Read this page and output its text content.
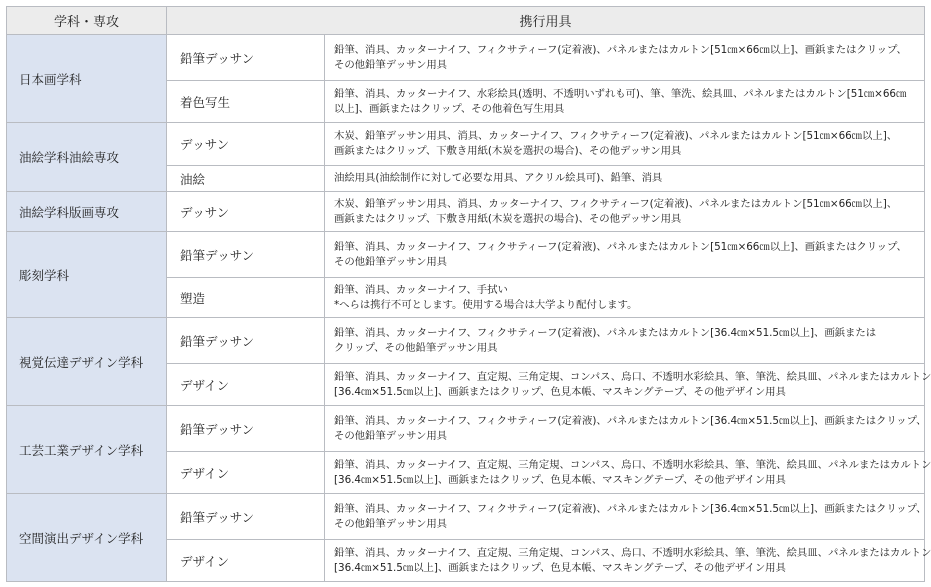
学科・専攻	携行用具	
日本画学科	鉛筆デッサン	鉛筆、消具、カッターナイフ、フィクサティーフ(定着液)、パネルまたはカルトン[51㎝×66㎝以上]、画鋲またはクリップ、
その他鉛筆デッサン用具

	着色写生	鉛筆、消具、カッターナイフ、水彩絵具(透明、不透明いずれも可)、筆、筆洗、絵具皿、パネルまたはカルトン[51㎝×66㎝
以上]、画鋲またはクリップ、その他着色写生用具

油絵学科油絵専攻	デッサン	木炭、鉛筆デッサン用具、消具、カッターナイフ、フィクサティーフ(定着液)、パネルまたはカルトン[51㎝×66㎝以上]、
画鋲またはクリップ、下敷き用紙(木炭を選択の場合)、その他デッサン用具

	油絵	油絵用具(油絵制作に対して必要な用具、アクリル絵具可)、鉛筆、消具

油絵学科版画専攻	デッサン	木炭、鉛筆デッサン用具、消具、カッターナイフ、フィクサティーフ(定着液)、パネルまたはカルトン[51㎝×66㎝以上]、
画鋲またはクリップ、下敷き用紙(木炭を選択の場合)、その他デッサン用具

彫刻学科	鉛筆デッサン	鉛筆、消具、カッターナイフ、フィクサティーフ(定着液)、パネルまたはカルトン[51㎝×66㎝以上]、画鋲またはクリップ、
その他鉛筆デッサン用具

	塑造	鉛筆、消具、カッターナイフ、手拭い
*へらは携行不可とします。使用する場合は大学より配付します。

視覚伝達デザイン学科	鉛筆デッサン	鉛筆、消具、カッターナイフ、フィクサティーフ(定着液)、パネルまたはカルトン[36.4㎝×51.5㎝以上]、画鋲または
クリップ、その他鉛筆デッサン用具

	デザイン	鉛筆、消具、カッターナイフ、直定規、三角定規、コンパス、烏口、不透明水彩絵具、筆、筆洗、絵具皿、パネルまたはカルトン
[36.4㎝×51.5㎝以上]、画鋲またはクリップ、色見本帳、マスキングテープ、その他デザイン用具

工芸工業デザイン学科	鉛筆デッサン	鉛筆、消具、カッターナイフ、フィクサティーフ(定着液)、パネルまたはカルトン[36.4㎝×51.5㎝以上]、画鋲またはクリップ、
その他鉛筆デッサン用具

	デザイン	鉛筆、消具、カッターナイフ、直定規、三角定規、コンパス、烏口、不透明水彩絵具、筆、筆洗、絵具皿、パネルまたはカルトン
[36.4㎝×51.5㎝以上]、画鋲またはクリップ、色見本帳、マスキングテープ、その他デザイン用具

空間演出デザイン学科	鉛筆デッサン	鉛筆、消具、カッターナイフ、フィクサティーフ(定着液)、パネルまたはカルトン[36.4㎝×51.5㎝以上]、画鋲またはクリップ、
その他鉛筆デッサン用具

	デザイン	鉛筆、消具、カッターナイフ、直定規、三角定規、コンパス、烏口、不透明水彩絵具、筆、筆洗、絵具皿、パネルまたはカルトン
[36.4㎝×51.5㎝以上]、画鋲またはクリップ、色見本帳、マスキングテープ、その他デザイン用具
